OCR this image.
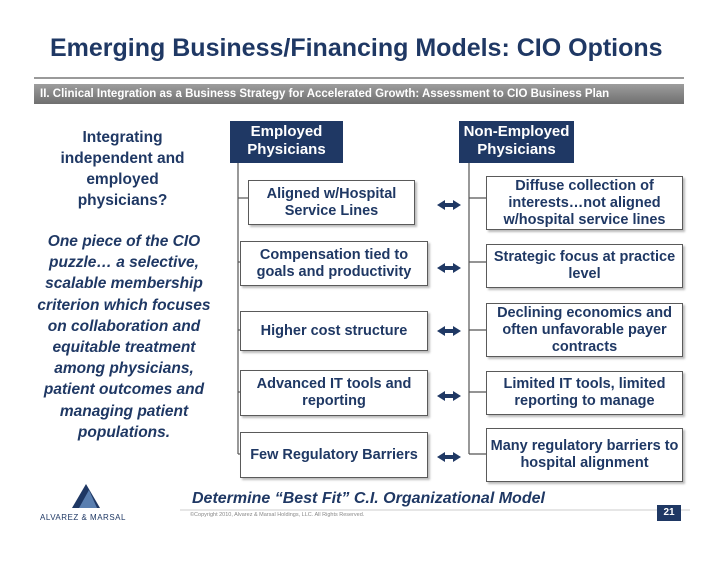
Emerging Business/Financing Models: CIO Options
II. Clinical Integration as a Business Strategy for Accelerated Growth: Assessment to CIO Business Plan
Integrating independent and employed physicians?
One piece of the CIO puzzle… a selective, scalable membership criterion which focuses on collaboration and equitable treatment among physicians, patient outcomes and managing patient populations.
Employed Physicians
Non-Employed Physicians
Aligned w/Hospital Service Lines
Compensation tied to goals and productivity
Higher cost structure
Advanced IT tools and reporting
Few Regulatory Barriers
Diffuse collection of interests…not aligned w/hospital service lines
Strategic focus at practice level
Declining economics and often unfavorable payer contracts
Limited IT tools, limited reporting to manage
Many regulatory barriers to hospital alignment
Determine “Best Fit” C.I. Organizational Model
©Copyright 2010, Alvarez & Marsal Holdings, LLC. All Rights Reserved.
ALVAREZ & MARSAL	21
